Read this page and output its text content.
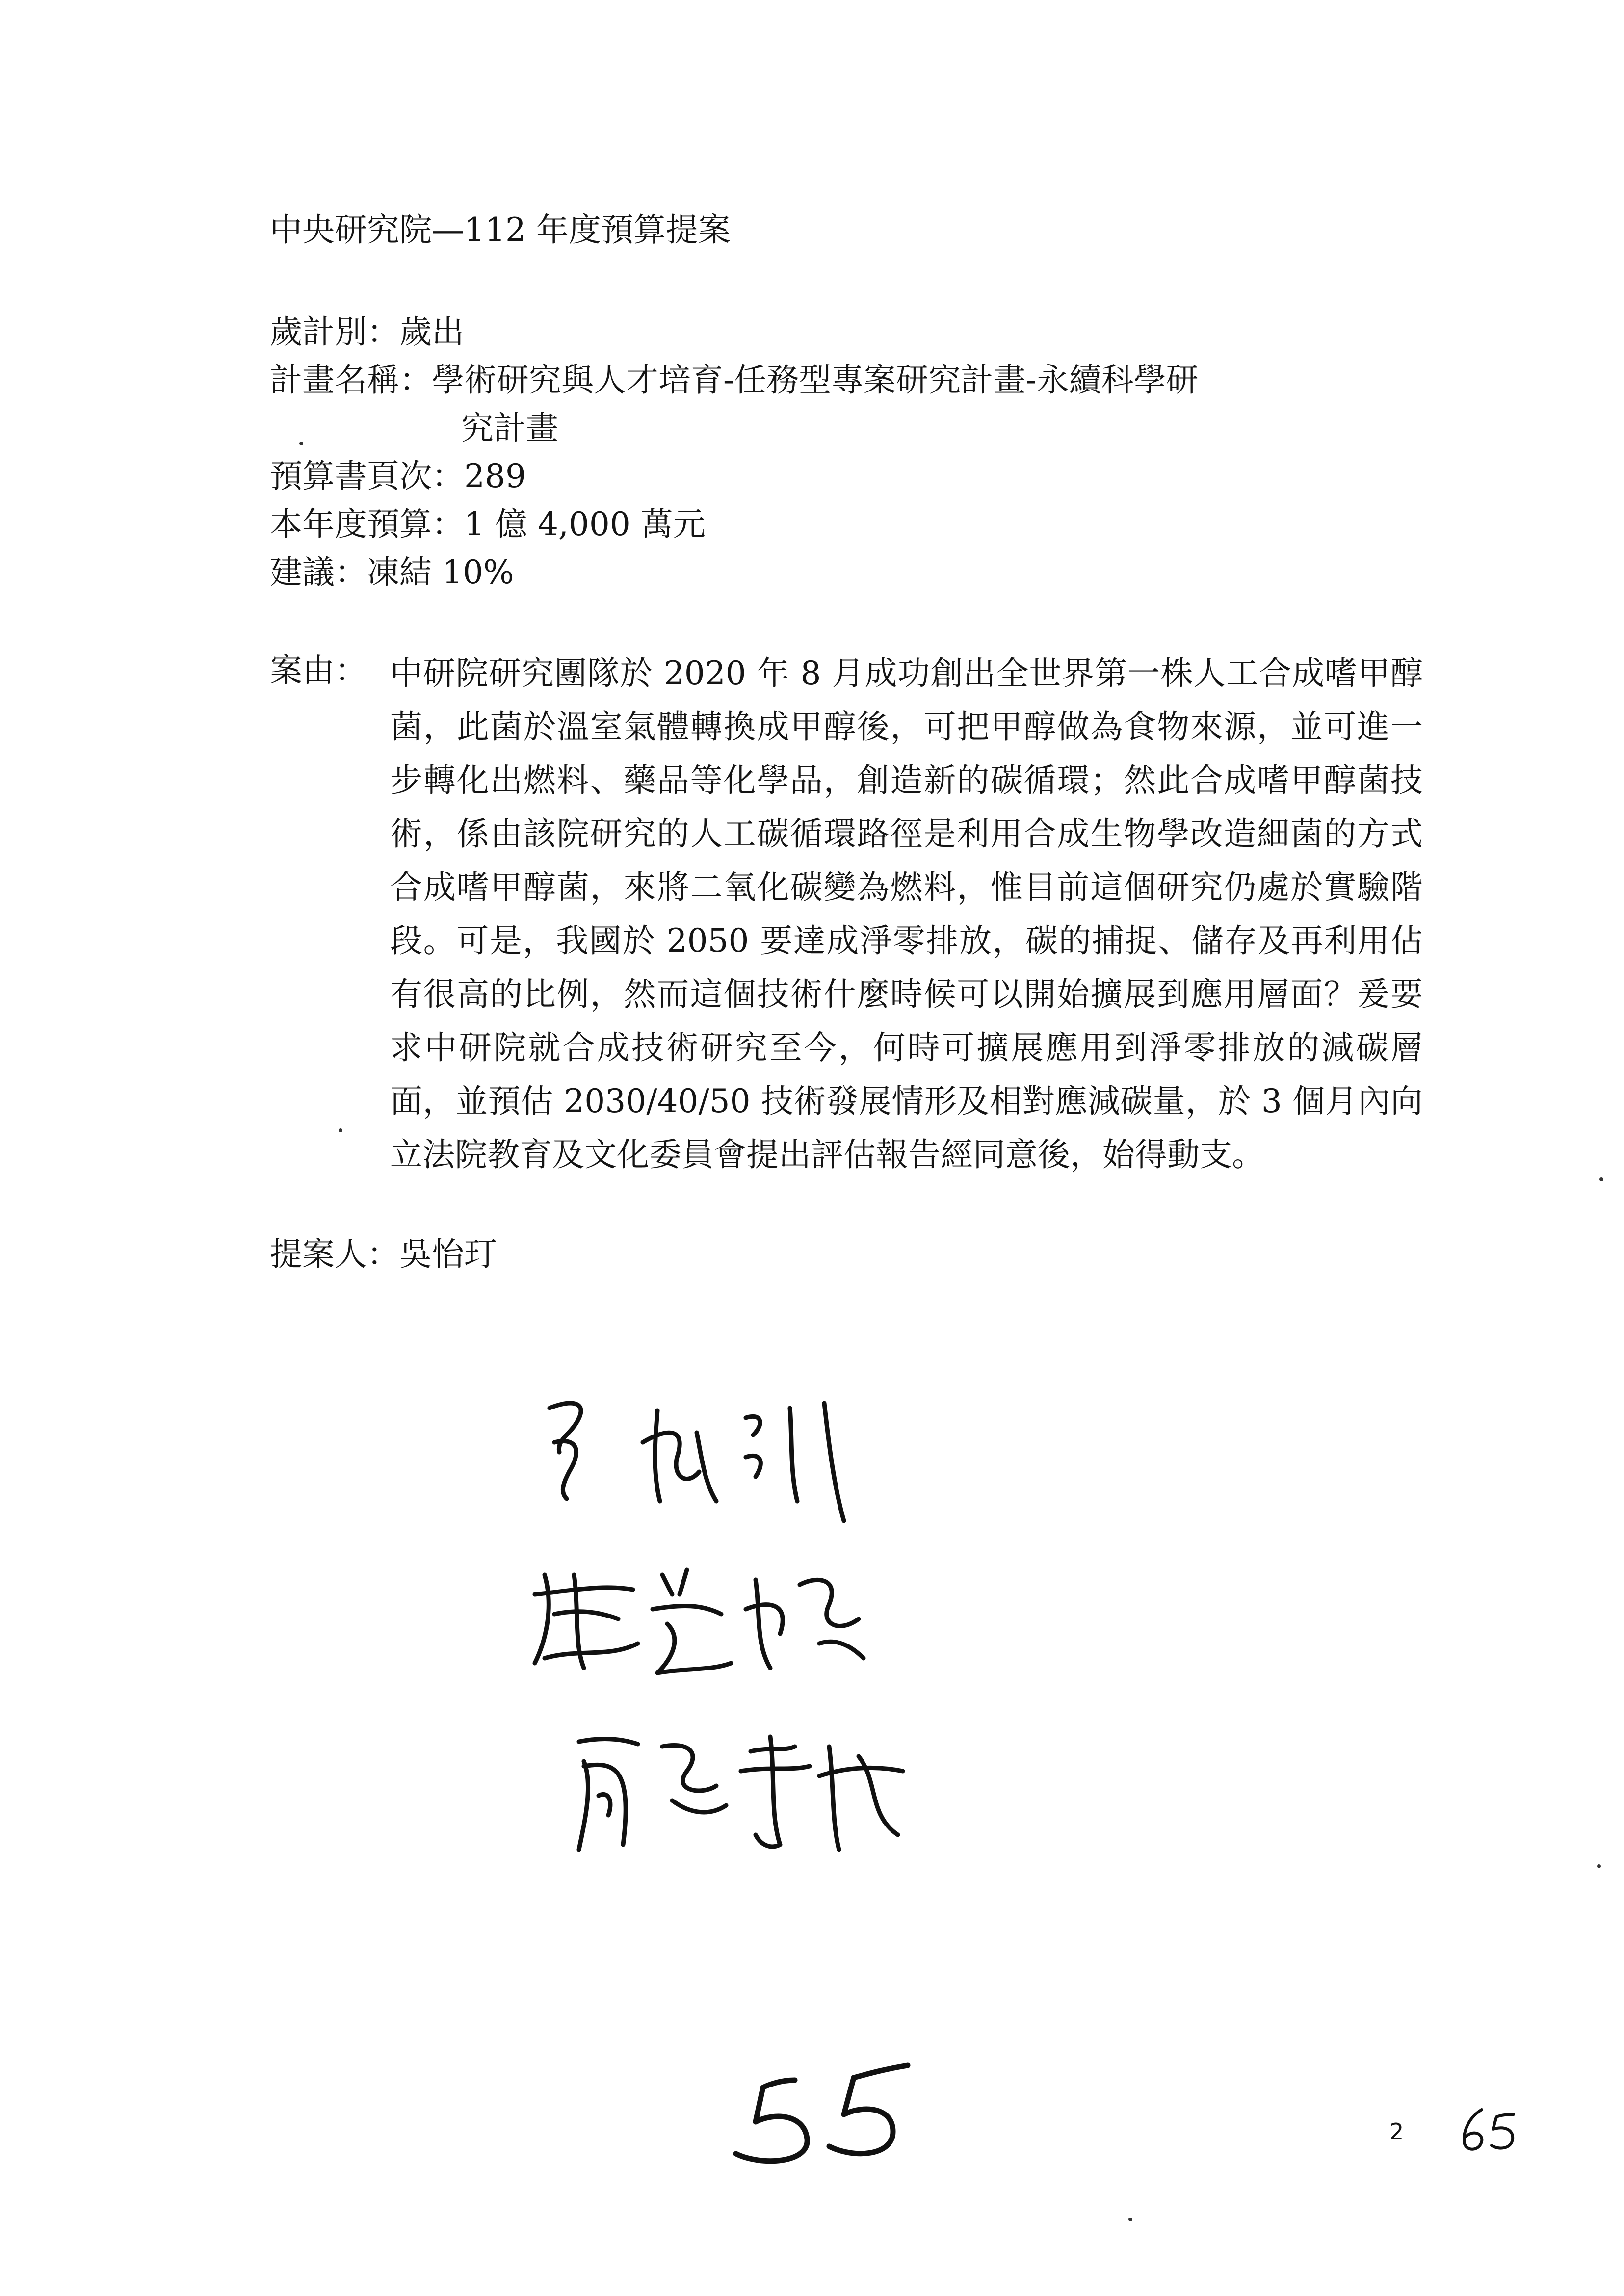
中央研究院—112 年度預算提案

歲計別：歲出

計畫名稱：學術研究與人才培育-任務型專案研究計畫-永續科學研
究計畫

預算書頁次：289

本年度預算：1 億 4,000 萬元

建議：凍結 10%

案由： 中研院研究團隊於 2020 年 8 月成功創出全世界第一株人工合成嗜甲醇菌，此菌於溫室氣體轉換成甲醇後，可把甲醇做為食物來源，並可進一步轉化出燃料、藥品等化學品，創造新的碳循環；然此合成嗜甲醇菌技術，係由該院研究的人工碳循環路徑是利用合成生物學改造細菌的方式合成嗜甲醇菌，來將二氧化碳變為燃料，惟目前這個研究仍處於實驗階段。可是，我國於 2050 要達成淨零排放，碳的捕捉、儲存及再利用佔有很高的比例，然而這個技術什麼時候可以開始擴展到應用層面？爰要求中研院就合成技術研究至今，何時可擴展應用到淨零排放的減碳層面，並預估 2030/40/50 技術發展情形及相對應減碳量，於 3 個月內向立法院教育及文化委員會提出評估報告經同意後，始得動支。

提案人：吳怡玎

2
